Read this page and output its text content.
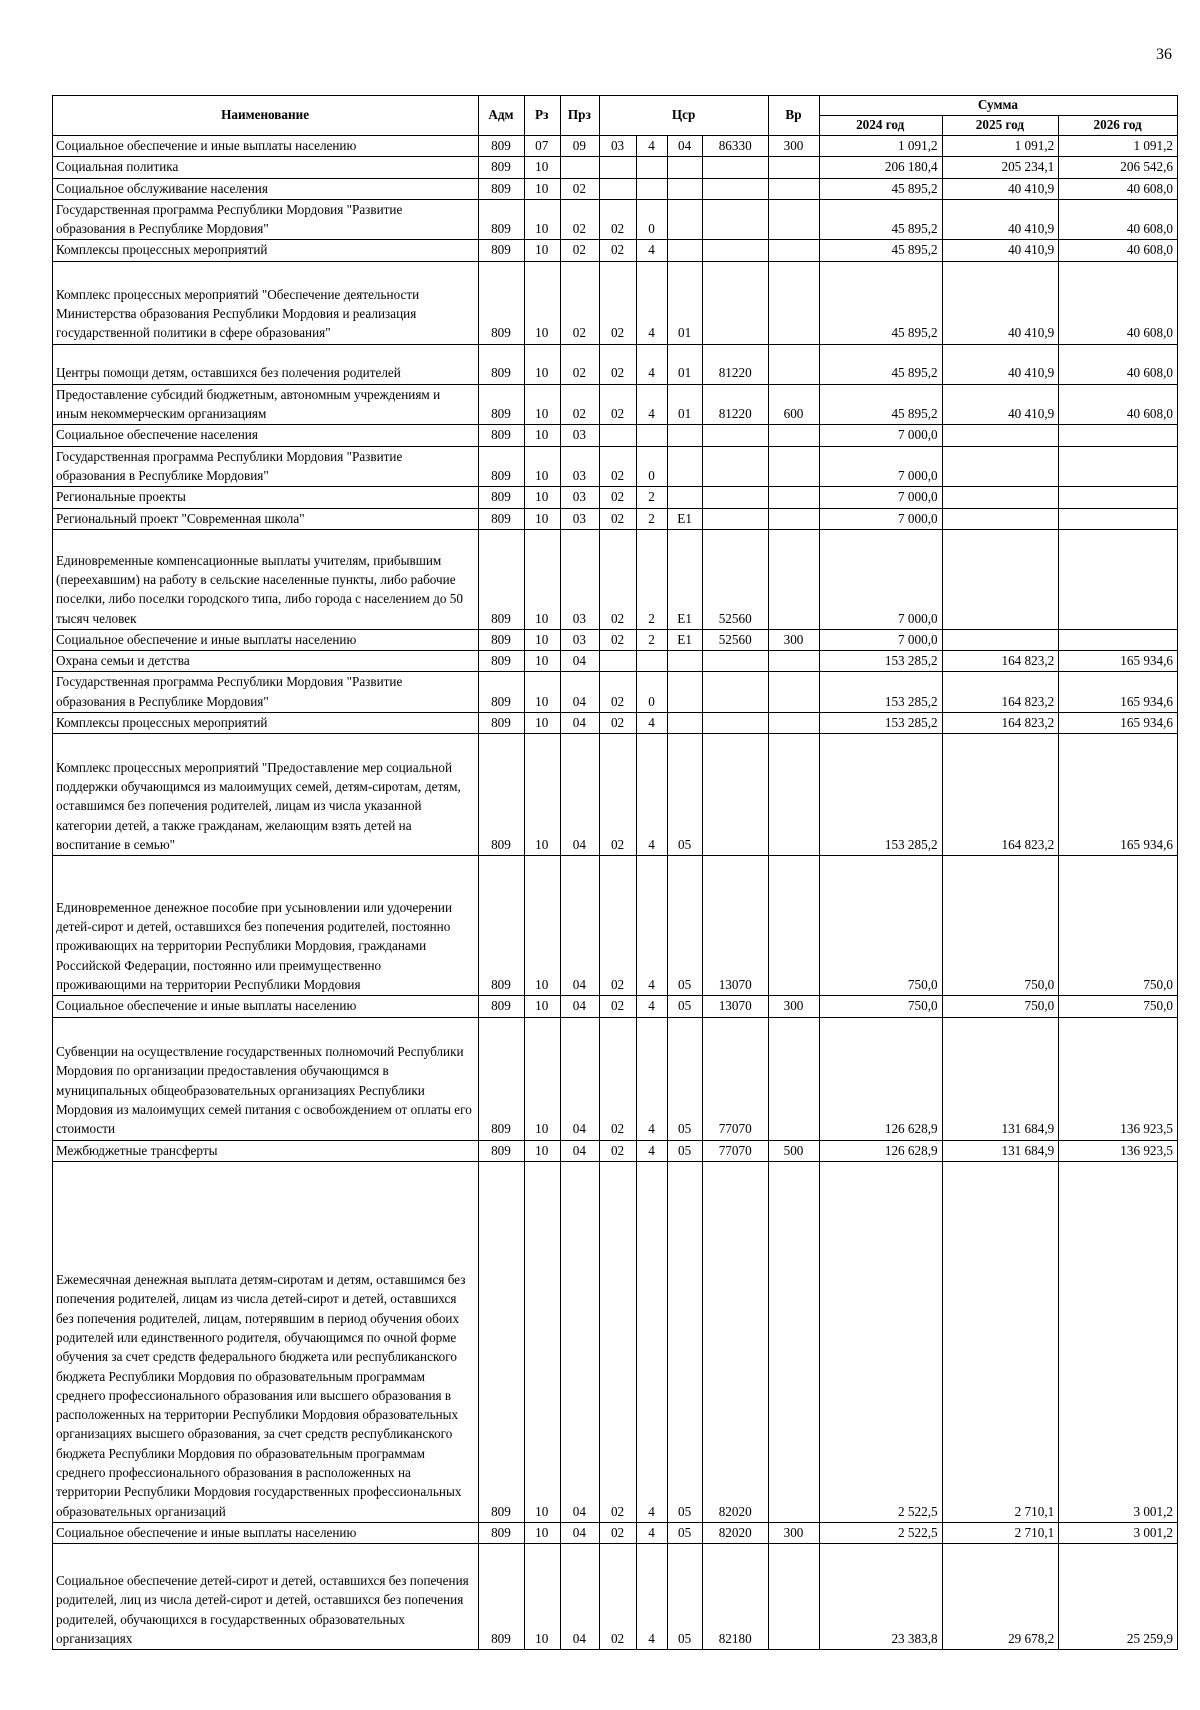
36
Наименование	Адм	Рз	Прз	Цср				Вр	Сумма		
									2024 год	2025 год	2026 год
Социальное обеспечение и иные выплаты населению	809	07	09	03	4	04	86330	300	1 091,2	1 091,2	1 091,2
Социальная политика	809	10							206 180,4	205 234,1	206 542,6
Социальное обслуживание населения	809	10	02						45 895,2	40 410,9	40 608,0
Государственная программа Республики Мордовия "Развитие образования в Республике Мордовия"	809	10	02	02	0				45 895,2	40 410,9	40 608,0
Комплексы процессных мероприятий	809	10	02	02	4				45 895,2	40 410,9	40 608,0
Комплекс процессных мероприятий "Обеспечение деятельности Министерства образования Республики Мордовия и реализация государственной политики в сфере образования"	809	10	02	02	4	01			45 895,2	40 410,9	40 608,0
Центры помощи детям, оставшихся без полечения родителей	809	10	02	02	4	01	81220		45 895,2	40 410,9	40 608,0
Предоставление субсидий бюджетным, автономным учреждениям и иным некоммерческим организациям	809	10	02	02	4	01	81220	600	45 895,2	40 410,9	40 608,0
Социальное обеспечение населения	809	10	03						7 000,0		
Государственная программа Республики Мордовия "Развитие образования в Республике Мордовия"	809	10	03	02	0				7 000,0		
Региональные проекты	809	10	03	02	2				7 000,0		
Региональный проект "Современная школа"	809	10	03	02	2	E1			7 000,0		
Единовременные компенсационные выплаты учителям, прибывшим (переехавшим) на работу в сельские населенные пункты, либо рабочие поселки, либо поселки городского типа, либо города с населением до 50 тысяч человек	809	10	03	02	2	E1	52560		7 000,0		
Социальное обеспечение и иные выплаты населению	809	10	03	02	2	E1	52560	300	7 000,0		
Охрана семьи и детства	809	10	04						153 285,2	164 823,2	165 934,6
Государственная программа Республики Мордовия "Развитие образования в Республике Мордовия"	809	10	04	02	0				153 285,2	164 823,2	165 934,6
Комплексы процессных мероприятий	809	10	04	02	4				153 285,2	164 823,2	165 934,6
Комплекс процессных мероприятий "Предоставление мер социальной поддержки обучающимся из малоимущих семей, детям-сиротам, детям, оставшимся без попечения родителей, лицам из числа указанной категории детей, а также гражданам, желающим взять детей на воспитание в семью"	809	10	04	02	4	05			153 285,2	164 823,2	165 934,6
Единовременное денежное пособие при усыновлении или удочерении детей-сирот и детей, оставшихся без попечения родителей, постоянно проживающих на территории Республики Мордовия, гражданами Российской Федерации, постоянно или преимущественно проживающими на территории Республики Мордовия	809	10	04	02	4	05	13070		750,0	750,0	750,0
Социальное обеспечение и иные выплаты населению	809	10	04	02	4	05	13070	300	750,0	750,0	750,0
Субвенции на осуществление государственных полномочий Республики Мордовия по организации предоставления обучающимся в муниципальных общеобразовательных организациях Республики Мордовия из малоимущих семей питания с освобождением от оплаты его стоимости	809	10	04	02	4	05	77070		126 628,9	131 684,9	136 923,5
Межбюджетные трансферты	809	10	04	02	4	05	77070	500	126 628,9	131 684,9	136 923,5
Ежемесячная денежная выплата детям-сиротам и детям, оставшимся без попечения родителей, лицам из числа детей-сирот и детей, оставшихся без попечения родителей, лицам, потерявшим в период обучения обоих родителей или единственного родителя, обучающимся по очной форме обучения за счет средств федерального бюджета или республиканского бюджета Республики Мордовия по образовательным программам среднего профессионального образования или высшего образования в расположенных на территории Республики Мордовия образовательных организациях высшего образования, за счет средств республиканского бюджета Республики Мордовия по образовательным программам среднего профессионального образования в расположенных на территории Республики Мордовия государственных профессиональных образовательных организаций	809	10	04	02	4	05	82020		2 522,5	2 710,1	3 001,2
Социальное обеспечение и иные выплаты населению	809	10	04	02	4	05	82020	300	2 522,5	2 710,1	3 001,2
Социальное обеспечение детей-сирот и детей, оставшихся без попечения родителей, лиц из числа детей-сирот и детей, оставшихся без попечения родителей, обучающихся в государственных образовательных организациях	809	10	04	02	4	05	82180		23 383,8	29 678,2	25 259,9
